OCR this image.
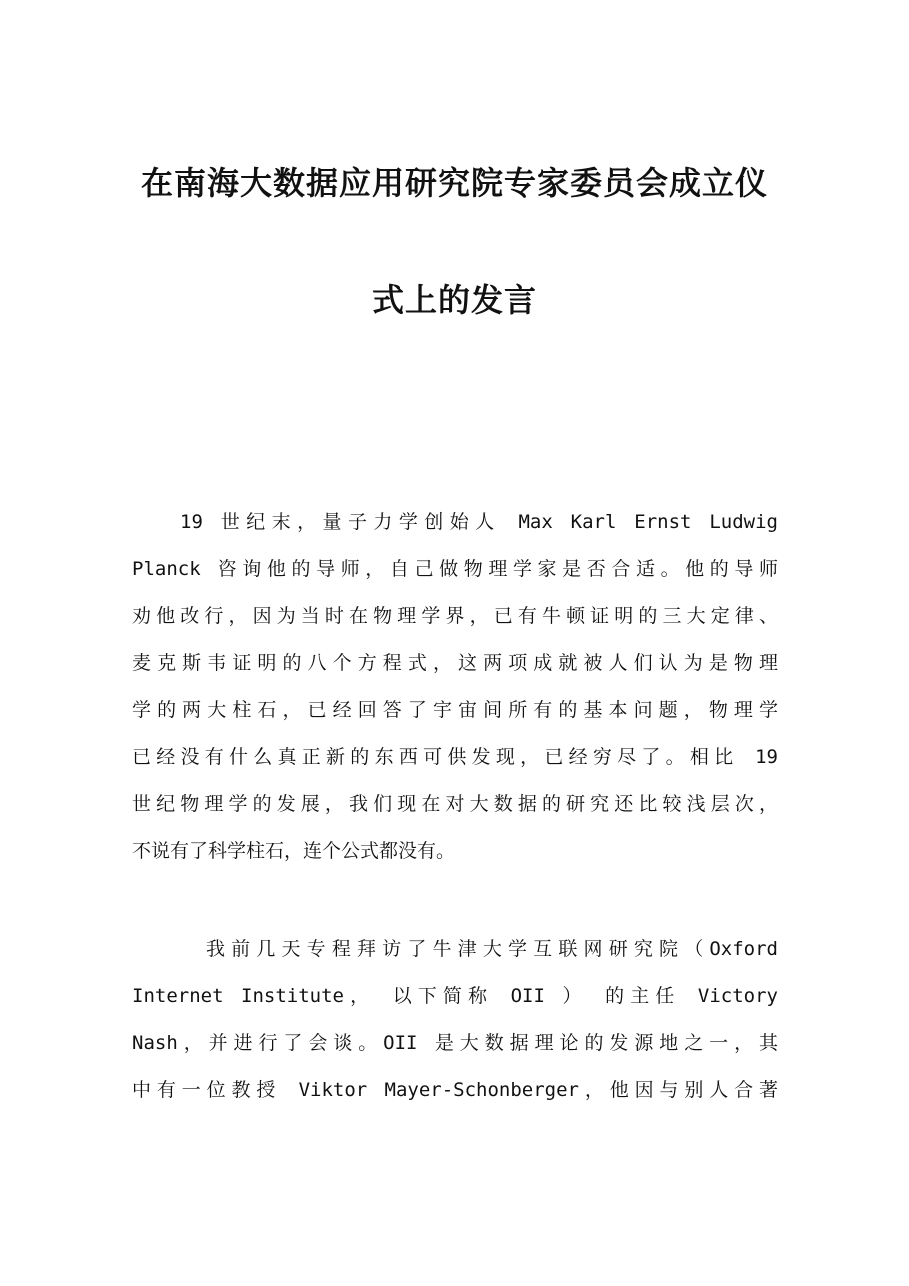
在南海大数据应用研究院专家委员会成立仪
式上的发言
19 世纪末，量子力学创始人 Max Karl Ernst Ludwig
Planck 咨询他的导师，自己做物理学家是否合适。他的导师
劝他改行，因为当时在物理学界，已有牛顿证明的三大定律、
麦克斯韦证明的八个方程式，这两项成就被人们认为是物理
学的两大柱石，已经回答了宇宙间所有的基本问题，物理学
已经没有什么真正新的东西可供发现，已经穷尽了。相比 19
世纪物理学的发展，我们现在对大数据的研究还比较浅层次，
不说有了科学柱石，连个公式都没有。
我前几天专程拜访了牛津大学互联网研究院（Oxford
Internet Institute， 以下简称 OII ） 的主任 Victory
Nash，并进行了会谈。OII 是大数据理论的发源地之一，其
中有一位教授 Viktor Mayer-Schonberger，他因与别人合著
